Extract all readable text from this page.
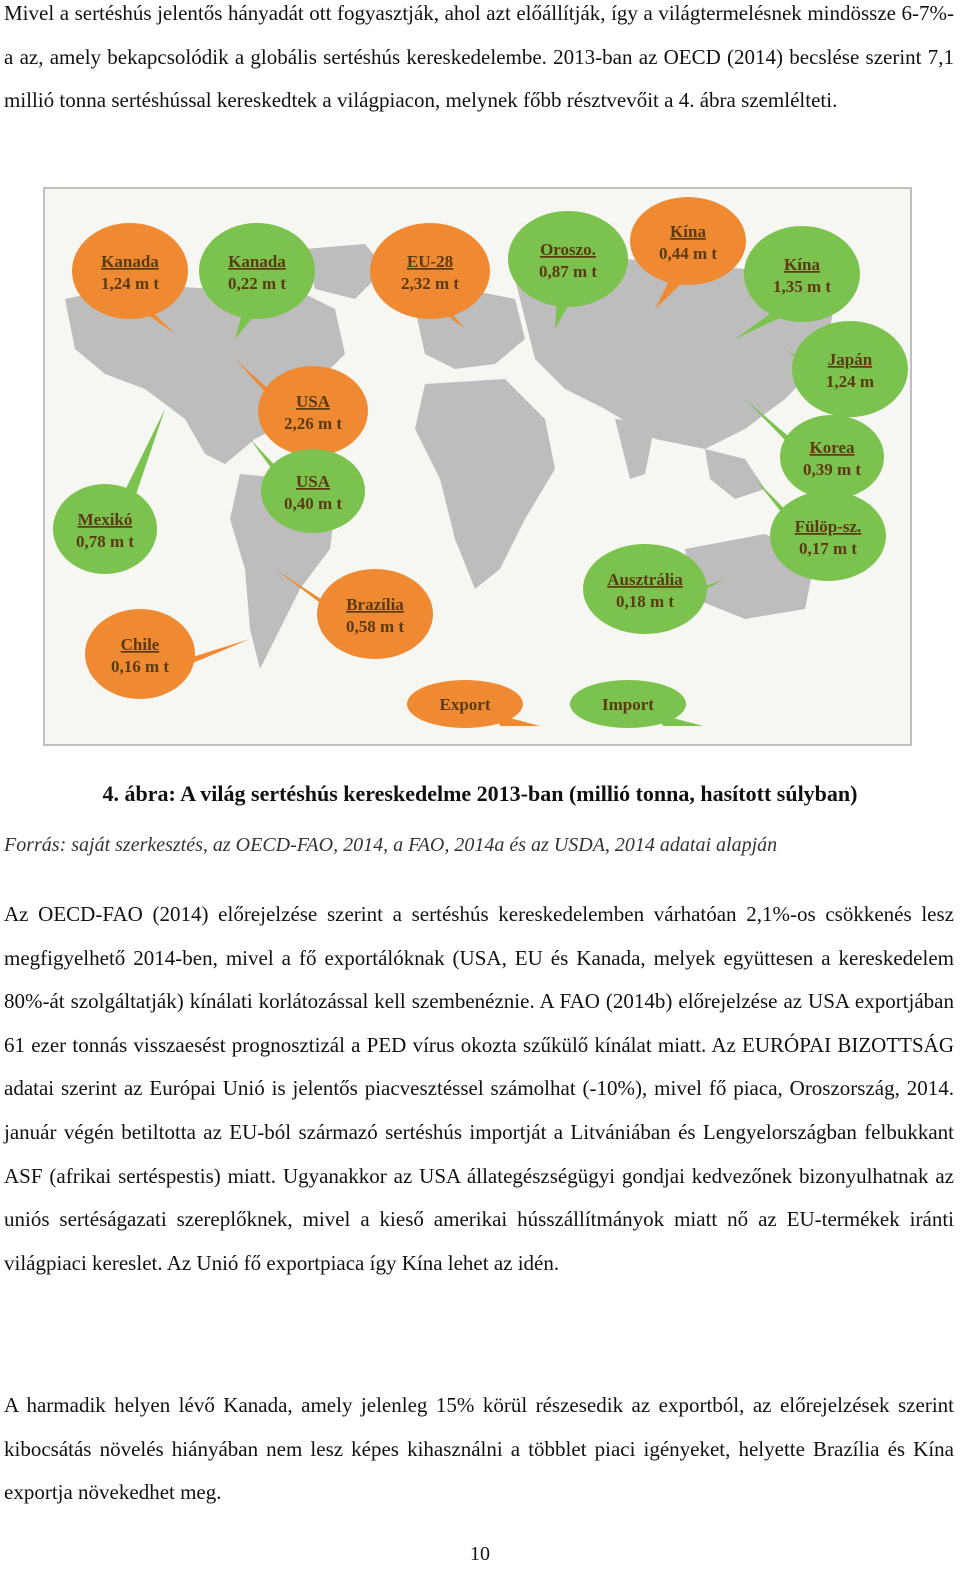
Mivel a sertéshús jelentős hányadát ott fogyasztják, ahol azt előállítják, így a világtermelésnek mindössze 6-7%-a az, amely bekapcsolódik a globális sertéshús kereskedelembe. 2013-ban az OECD (2014) becslése szerint 7,1 millió tonna sertéshússal kereskedtek a világpiacon, melynek főbb résztvevőit a 4. ábra szemlélteti.

Kanada
1,24 m t
Kanada
0,22 m t
EU-28
2,32 m t
Oroszo.
0,87 m t
Kína
0,44 m t
Kína
1,35 m t
Japán
1,24 m
USA
2,26 m t
USA
0,40 m t
Korea
0,39 m t
Mexikó
0,78 m t
Fülöp-sz.
0,17 m t
Ausztrália
0,18 m t
Brazília
0,58 m t
Chile
0,16 m t
Export	Import
4. ábra: A világ sertéshús kereskedelme 2013-ban (millió tonna, hasított súlyban)
Forrás: saját szerkesztés, az OECD-FAO, 2014, a FAO, 2014a és az USDA, 2014 adatai alapján

Az OECD-FAO (2014) előrejelzése szerint a sertéshús kereskedelemben várhatóan 2,1%-os csökkenés lesz megfigyelhető 2014-ben, mivel a fő exportálóknak (USA, EU és Kanada, melyek együttesen a kereskedelem 80%-át szolgáltatják) kínálati korlátozással kell szembenéznie. A FAO (2014b) előrejelzése az USA exportjában 61 ezer tonnás visszaesést prognosztizál a PED vírus okozta szűkülő kínálat miatt. Az EURÓPAI BIZOTTSÁG adatai szerint az Európai Unió is jelentős piacvesztéssel számolhat (-10%), mivel fő piaca, Oroszország, 2014. január végén betiltotta az EU-ból származó sertéshús importját a Litvániában és Lengyelországban felbukkant ASF (afrikai sertéspestis) miatt. Ugyanakkor az USA állategészségügyi gondjai kedvezőnek bizonyulhatnak az uniós sertéságazati szereplőknek, mivel a kieső amerikai hússzállítmányok miatt nő az EU-termékek iránti világpiaci kereslet. Az Unió fő exportpiaca így Kína lehet az idén.

A harmadik helyen lévő Kanada, amely jelenleg 15% körül részesedik az exportból, az előrejelzések szerint kibocsátás növelés hiányában nem lesz képes kihasználni a többlet piaci igényeket, helyette Brazília és Kína exportja növekedhet meg.

10
